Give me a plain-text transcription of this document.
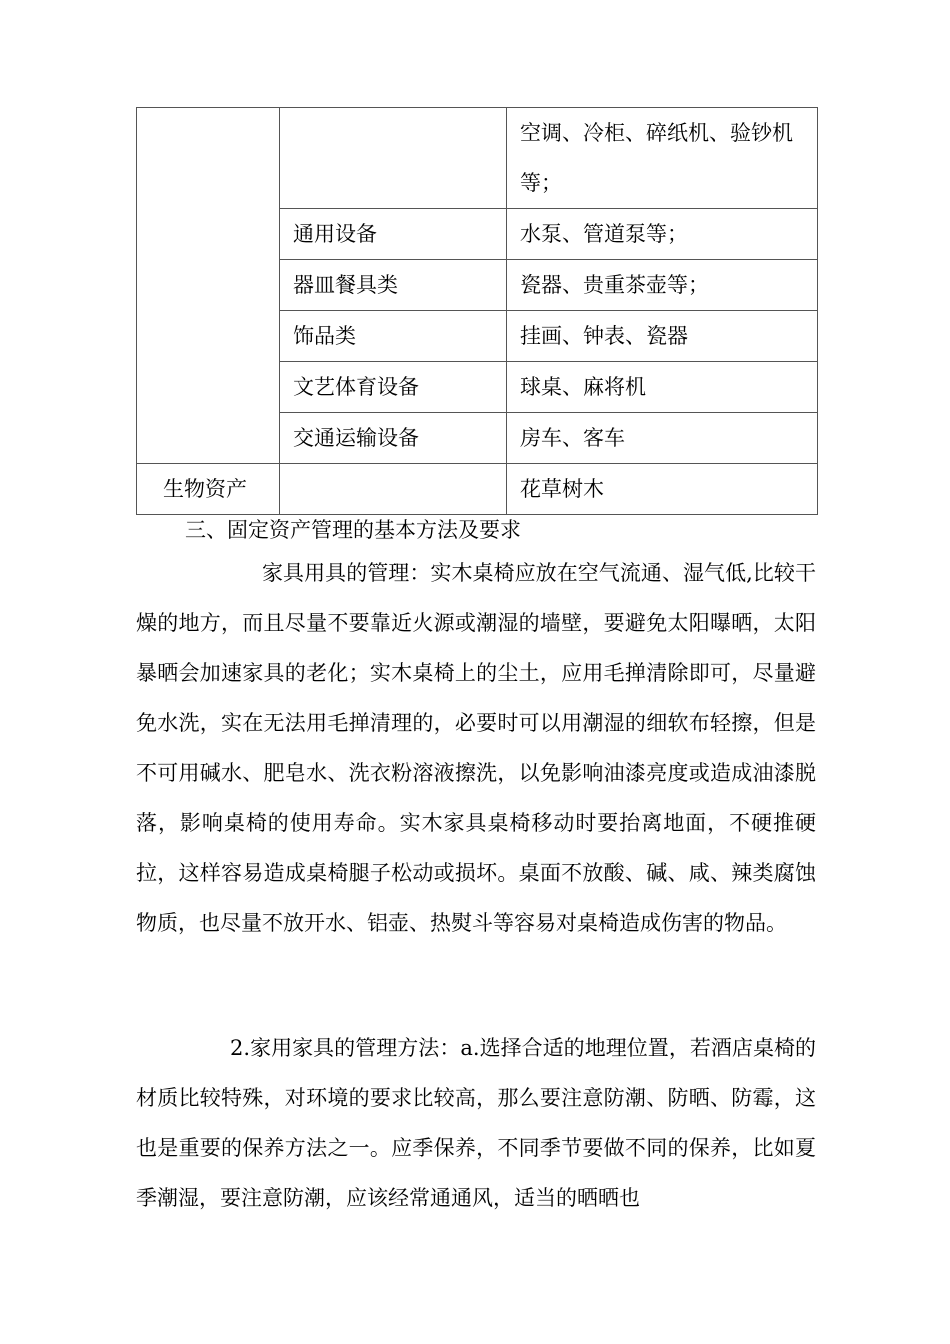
		空调、冷柜、碎纸机、验钞机等；
	通用设备	水泵、管道泵等；
	器皿餐具类	瓷器、贵重茶壶等；
	饰品类	挂画、钟表、瓷器
	文艺体育设备	球桌、麻将机
	交通运输设备	房车、客车
生物资产		花草树木

三、固定资产管理的基本方法及要求

家具用具的管理：实木桌椅应放在空气流通、湿气低,比较干燥的地方，而且尽量不要靠近火源或潮湿的墙壁，要避免太阳曝晒，太阳暴晒会加速家具的老化；实木桌椅上的尘土，应用毛掸清除即可，尽量避免水洗，实在无法用毛掸清理的，必要时可以用潮湿的细软布轻擦，但是不可用碱水、肥皂水、洗衣粉溶液擦洗，以免影响油漆亮度或造成油漆脱落，影响桌椅的使用寿命。实木家具桌椅移动时要抬离地面，不硬推硬拉，这样容易造成桌椅腿子松动或损坏。桌面不放酸、碱、咸、辣类腐蚀物质，也尽量不放开水、铝壶、热熨斗等容易对桌椅造成伤害的物品。

2.家用家具的管理方法：a.选择合适的地理位置，若酒店桌椅的材质比较特殊，对环境的要求比较高，那么要注意防潮、防晒、防霉，这也是重要的保养方法之一。应季保养，不同季节要做不同的保养，比如夏季潮湿，要注意防潮，应该经常通通风，适当的晒晒也
